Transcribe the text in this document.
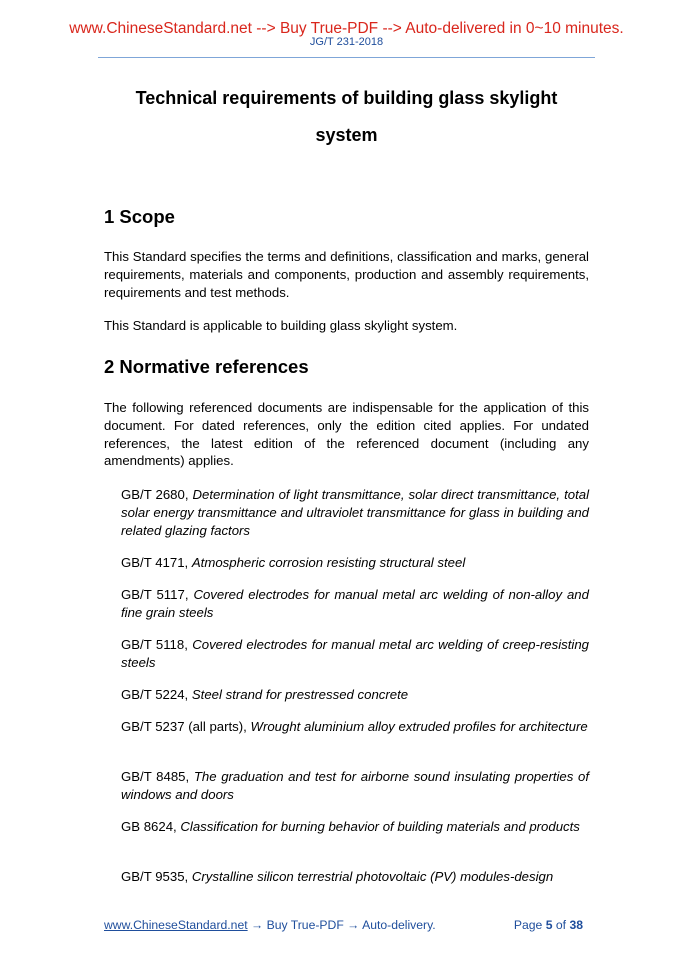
www.ChineseStandard.net --> Buy True-PDF --> Auto-delivered in 0~10 minutes.
JG/T 231-2018
Technical requirements of building glass skylight
system
1 Scope

This Standard specifies the terms and definitions, classification and marks, general requirements, materials and components, production and assembly requirements, requirements and test methods.

This Standard is applicable to building glass skylight system.

2 Normative references

The following referenced documents are indispensable for the application of this document. For dated references, only the edition cited applies. For undated references, the latest edition of the referenced document (including any amendments) applies.

GB/T 2680, Determination of light transmittance, solar direct transmittance, total solar energy transmittance and ultraviolet transmittance for glass in building and related glazing factors

GB/T 4171, Atmospheric corrosion resisting structural steel

GB/T 5117, Covered electrodes for manual metal arc welding of non-alloy and fine grain steels

GB/T 5118, Covered electrodes for manual metal arc welding of creep-resisting steels

GB/T 5224, Steel strand for prestressed concrete

GB/T 5237 (all parts), Wrought aluminium alloy extruded profiles for architecture

GB/T 8485, The graduation and test for airborne sound insulating properties of windows and doors

GB 8624, Classification for burning behavior of building materials and products

GB/T 9535, Crystalline silicon terrestrial photovoltaic (PV) modules-design

www.ChineseStandard.net → Buy True-PDF → Auto-delivery.	Page 5 of 38
